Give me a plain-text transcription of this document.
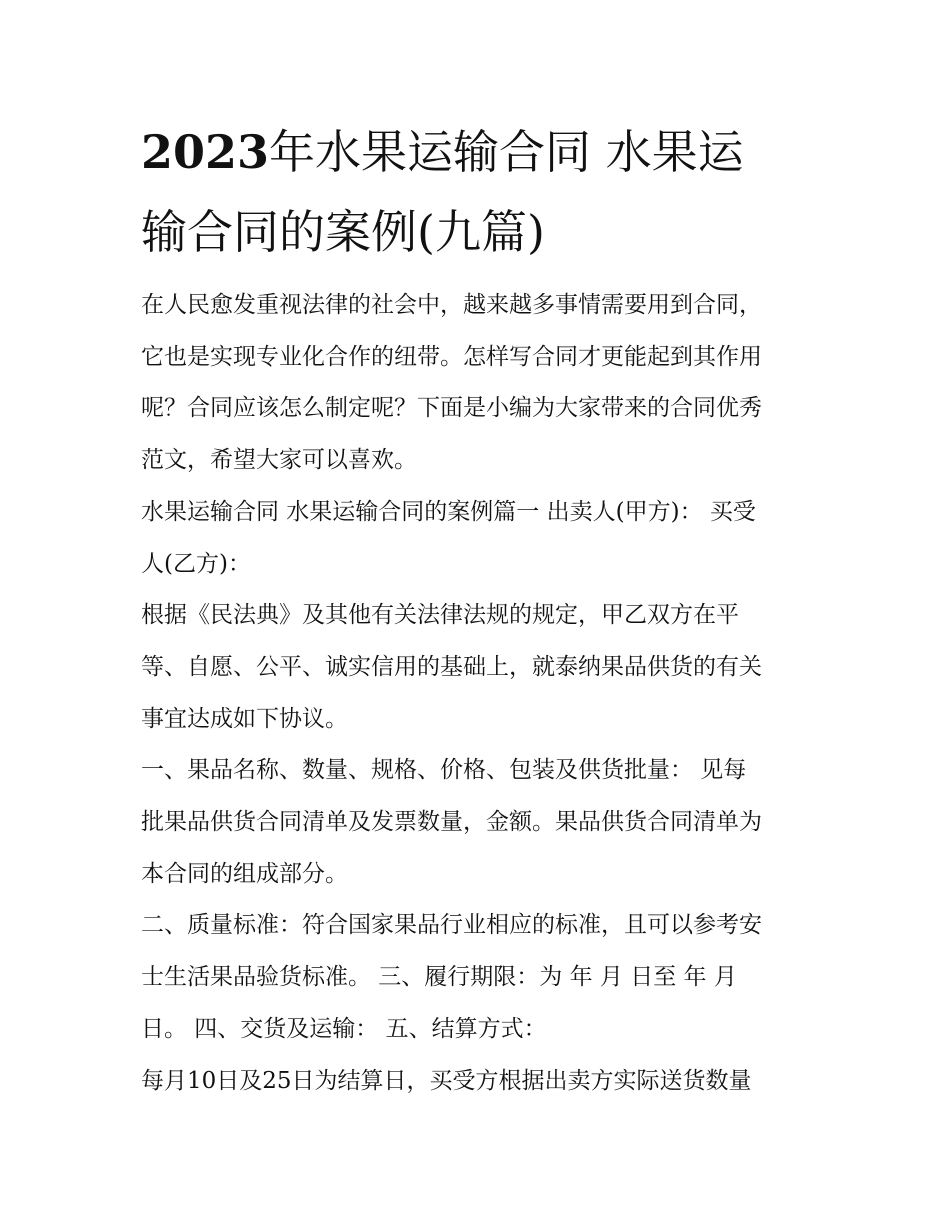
2023年水果运输合同 水果运
输合同的案例(九篇)

在人民愈发重视法律的社会中，越来越多事情需要用到合同，
它也是实现专业化合作的纽带。怎样写合同才更能起到其作用
呢？合同应该怎么制定呢？下面是小编为大家带来的合同优秀
范文，希望大家可以喜欢。

水果运输合同 水果运输合同的案例篇一 出卖人(甲方)： 买受
人(乙方)：

根据《民法典》及其他有关法律法规的规定，甲乙双方在平
等、自愿、公平、诚实信用的基础上，就泰纳果品供货的有关
事宜达成如下协议。

一、果品名称、数量、规格、价格、包装及供货批量： 见每
批果品供货合同清单及发票数量，金额。果品供货合同清单为
本合同的组成部分。

二、质量标准：符合国家果品行业相应的标准，且可以参考安
士生活果品验货标准。 三、履行期限：为 年 月 日至 年 月
日。 四、交货及运输： 五、结算方式：

每月10日及25日为结算日，买受方根据出卖方实际送货数量
